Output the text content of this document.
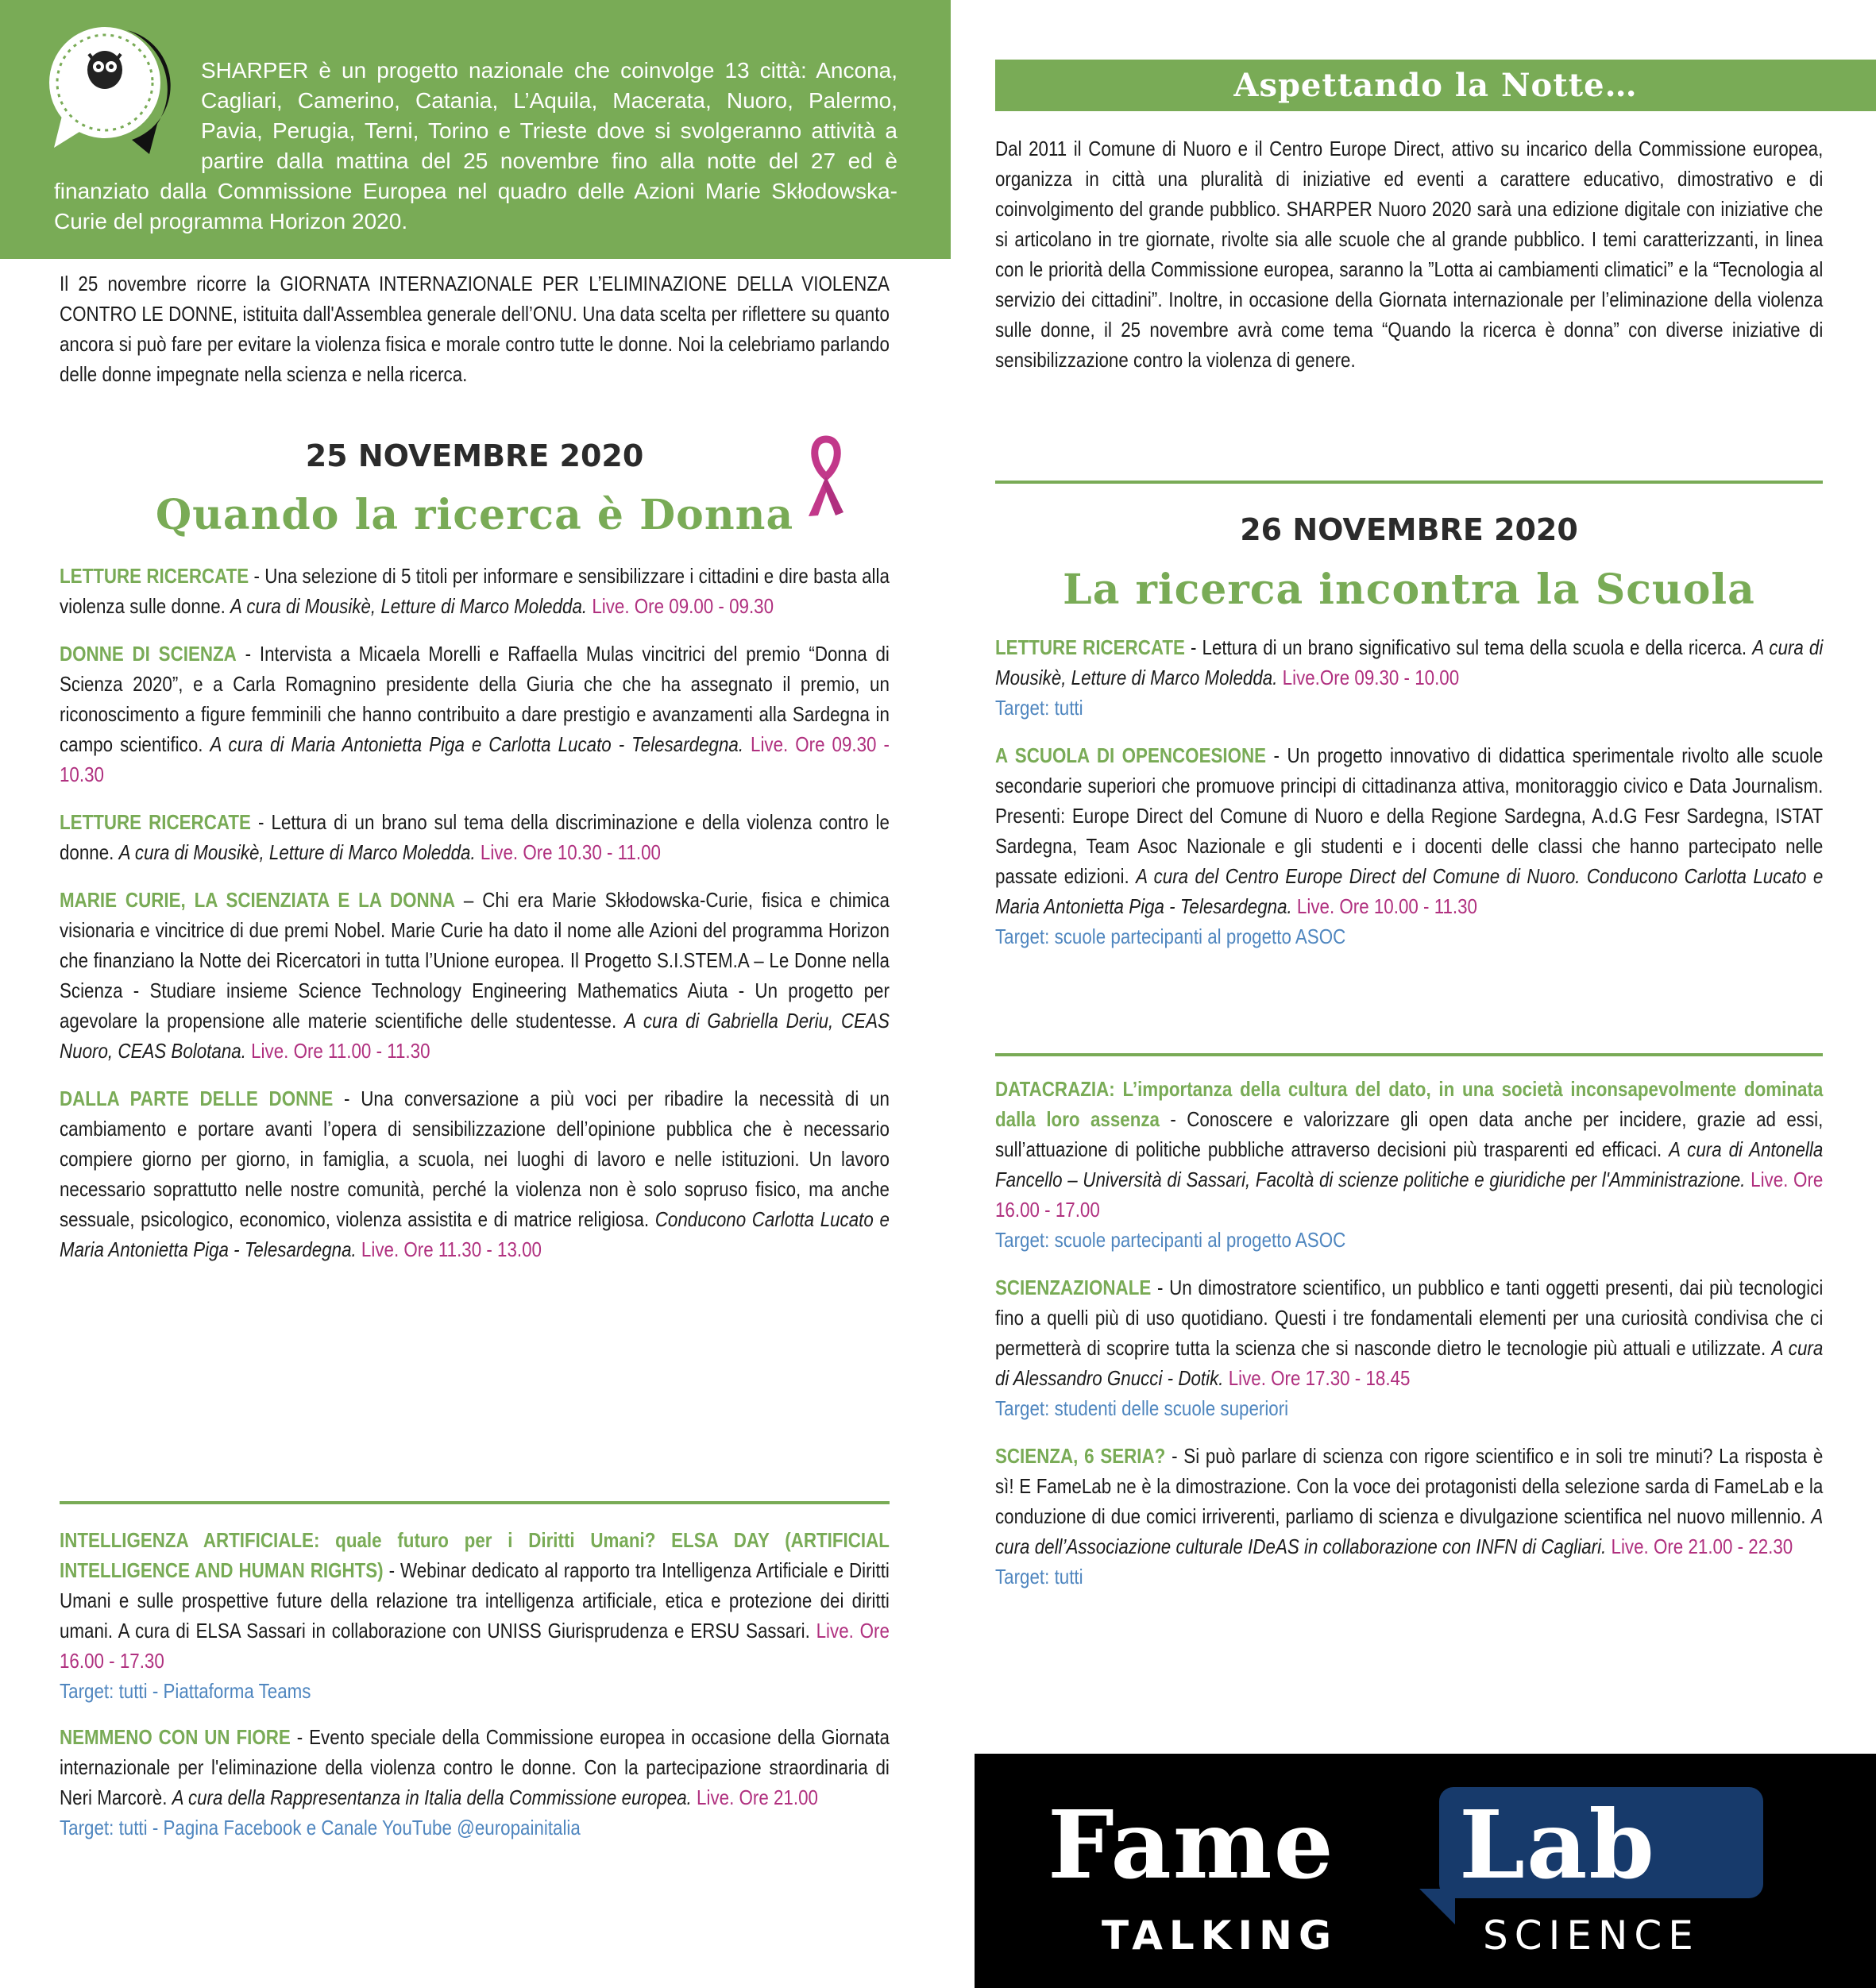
SHARPER è un progetto nazionale che coinvolge 13 città: Ancona, Cagliari, Camerino, Catania, L’Aquila, Macerata, Nuoro, Palermo, Pavia, Perugia, Terni, Torino e Trieste dove si svolgeranno attività a partire dalla mattina del 25 novembre fino alla notte del 27 ed è finanziato dalla Commissione Europea nel quadro delle Azioni Marie Skłodowska-Curie del programma Horizon 2020.
Il 25 novembre ricorre la GIORNATA INTERNAZIONALE PER L’ELIMINAZIONE DELLA VIOLENZA CONTRO LE DONNE, istituita dall'Assemblea generale dell’ONU. Una data scelta per riflettere su quanto ancora si può fare per evitare la violenza fisica e morale contro tutte le donne. Noi la celebriamo parlando delle donne impegnate nella scienza e nella ricerca.
25 NOVEMBRE 2020
Quando la ricerca è Donna

LETTURE RICERCATE - Una selezione di 5 titoli per informare e sensibilizzare i cittadini e dire basta alla violenza sulle donne. A cura di Mousikè, Letture di Marco Moledda. Live. Ore 09.00 - 09.30

DONNE DI SCIENZA - Intervista a Micaela Morelli e Raffaella Mulas vincitrici del premio “Donna di Scienza 2020”, e a Carla Romagnino presidente della Giuria che che ha assegnato il premio, un riconoscimento a figure femminili che hanno contribuito a dare prestigio e avanzamenti alla Sardegna in campo scientifico. A cura di Maria Antonietta Piga e Carlotta Lucato - Telesardegna. Live. Ore 09.30 - 10.30

LETTURE RICERCATE - Lettura di un brano sul tema della discriminazione e della violenza contro le donne. A cura di Mousikè, Letture di Marco Moledda. Live. Ore 10.30 - 11.00

MARIE CURIE, LA SCIENZIATA E LA DONNA – Chi era Marie Skłodowska-Curie, fisica e chimica visionaria e vincitrice di due premi Nobel. Marie Curie ha dato il nome alle Azioni del programma Horizon che finanziano la Notte dei Ricercatori in tutta l’Unione europea. Il Progetto S.I.STEM.A – Le Donne nella Scienza - Studiare insieme Science Technology Engineering Mathematics Aiuta - Un progetto per agevolare la propensione alle materie scientifiche delle studentesse. A cura di Gabriella Deriu, CEAS Nuoro, CEAS Bolotana. Live. Ore 11.00 - 11.30

DALLA PARTE DELLE DONNE - Una conversazione a più voci per ribadire la necessità di un cambiamento e portare avanti l’opera di sensibilizzazione dell’opinione pubblica che è necessario compiere giorno per giorno, in famiglia, a scuola, nei luoghi di lavoro e nelle istituzioni. Un lavoro necessario soprattutto nelle nostre comunità, perché la violenza non è solo sopruso fisico, ma anche sessuale, psicologico, economico, violenza assistita e di matrice religiosa. Conducono Carlotta Lucato e Maria Antonietta Piga - Telesardegna. Live. Ore 11.30 - 13.00

INTELLIGENZA ARTIFICIALE: quale futuro per i Diritti Umani? ELSA DAY (ARTIFICIAL INTELLIGENCE AND HUMAN RIGHTS) - Webinar dedicato al rapporto tra Intelligenza Artificiale e Diritti Umani e sulle prospettive future della relazione tra intelligenza artificiale, etica e protezione dei diritti umani. A cura di ELSA Sassari in collaborazione con UNISS Giurisprudenza e ERSU Sassari. Live. Ore 16.00 - 17.30
Target: tutti - Piattaforma Teams

NEMMENO CON UN FIORE - Evento speciale della Commissione europea in occasione della Giornata internazionale per l'eliminazione della violenza contro le donne. Con la partecipazione straordinaria di Neri Marcorè. A cura della Rappresentanza in Italia della Commissione europea. Live. Ore 21.00
Target: tutti - Pagina Facebook e Canale YouTube @europainitalia

Aspettando la Notte…
Dal 2011 il Comune di Nuoro e il Centro Europe Direct, attivo su incarico della Commissione europea, organizza in città una pluralità di iniziative ed eventi a carattere educativo, dimostrativo e di coinvolgimento del grande pubblico. SHARPER Nuoro 2020 sarà una edizione digitale con iniziative che si articolano in tre giornate, rivolte sia alle scuole che al grande pubblico. I temi caratterizzanti, in linea con le priorità della Commissione europea, saranno la ”Lotta ai cambiamenti climatici” e la “Tecnologia al servizio dei cittadini”. Inoltre, in occasione della Giornata internazionale per l’eliminazione della violenza sulle donne, il 25 novembre avrà come tema “Quando la ricerca è donna” con diverse iniziative di sensibilizzazione contro la violenza di genere.
26 NOVEMBRE 2020
La ricerca incontra la Scuola

LETTURE RICERCATE - Lettura di un brano significativo sul tema della scuola e della ricerca. A cura di Mousikè, Letture di Marco Moledda. Live.Ore 09.30 - 10.00
Target: tutti

A SCUOLA DI OPENCOESIONE - Un progetto innovativo di didattica sperimentale rivolto alle scuole secondarie superiori che promuove principi di cittadinanza attiva, monitoraggio civico e Data Journalism. Presenti: Europe Direct del Comune di Nuoro e della Regione Sardegna, A.d.G Fesr Sardegna, ISTAT Sardegna, Team Asoc Nazionale e gli studenti e i docenti delle classi che hanno partecipato nelle passate edizioni. A cura del Centro Europe Direct del Comune di Nuoro. Conducono Carlotta Lucato e Maria Antonietta Piga - Telesardegna. Live. Ore 10.00 - 11.30
Target: scuole partecipanti al progetto ASOC

DATACRAZIA: L’importanza della cultura del dato, in una società inconsapevolmente dominata dalla loro assenza - Conoscere e valorizzare gli open data anche per incidere, grazie ad essi, sull’attuazione di politiche pubbliche attraverso decisioni più trasparenti ed efficaci. A cura di Antonella Fancello – Università di Sassari, Facoltà di scienze politiche e giuridiche per l'Amministrazione. Live. Ore 16.00 - 17.00
Target: scuole partecipanti al progetto ASOC

SCIENZAZIONALE - Un dimostratore scientifico, un pubblico e tanti oggetti presenti, dai più tecnologici fino a quelli più di uso quotidiano. Questi i tre fondamentali elementi per una curiosità condivisa che ci permetterà di scoprire tutta la scienza che si nasconde dietro le tecnologie più attuali e utilizzate. A cura di Alessandro Gnucci - Dotik. Live. Ore 17.30 - 18.45
Target: studenti delle scuole superiori

SCIENZA, 6 SERIA? - Si può parlare di scienza con rigore scientifico e in soli tre minuti? La risposta è sì! E FameLab ne è la dimostrazione. Con la voce dei protagonisti della selezione sarda di FameLab e la conduzione di due comici irriverenti, parliamo di scienza e divulgazione scientifica nel nuovo millennio. A cura dell’Associazione culturale IDeAS in collaborazione con INFN di Cagliari. Live. Ore 21.00 - 22.30
Target: tutti

Fame Lab
TALKING	SCIENCE
